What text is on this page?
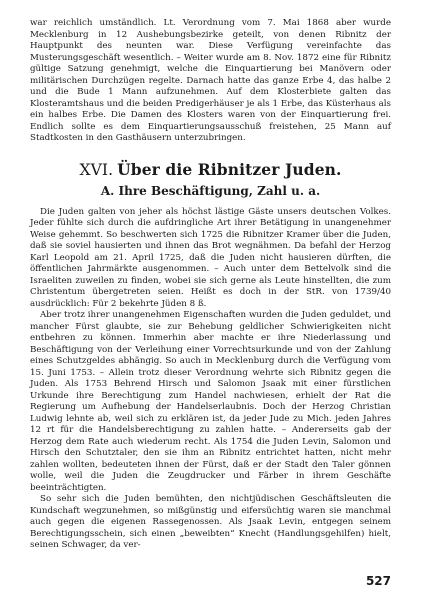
war reichlich umständlich. Lt. Verordnung vom 7. Mai 1868 aber wurde Mecklenburg in 12 Aushebungsbezirke geteilt, von denen Ribnitz der Hauptpunkt des neunten war. Diese Verfügung vereinfachte das Musterungsgeschäft wesentlich. – Weiter wurde am 8. Nov. 1872 eine für Ribnitz gültige Satzung genehmigt, welche die Einquartierung bei Manövern oder militärischen Durchzügen regelte. Darnach hatte das ganze Erbe 4, das halbe 2 und die Bude 1 Mann aufzunehmen. Auf dem Klosterbiete galten das Klosteramtshaus und die beiden Predigerhäuser je als 1 Erbe, das Küsterhaus als ein halbes Erbe. Die Damen des Klosters waren von der Einquartierung frei. Endlich sollte es dem Einquartierungsausschuß freistehen, 25 Mann auf Stadtkosten in den Gasthäusern unterzubringen.

XVI. Über die Ribnitzer Juden.
A. Ihre Beschäftigung, Zahl u. a.

Die Juden galten von jeher als höchst lästige Gäste unsers deutschen Volkes. Jeder fühlte sich durch die aufdringliche Art ihrer Betätigung in unangenehmer Weise gehemmt. So beschwerten sich 1725 die Ribnitzer Kramer über die Juden, daß sie soviel hausierten und ihnen das Brot wegnähmen. Da befahl der Herzog Karl Leopold am 21. April 1725, daß die Juden nicht hausieren dürften, die öffentlichen Jahrmärkte ausgenommen. – Auch unter dem Bettelvolk sind die Israeliten zuweilen zu finden, wobei sie sich gerne als Leute hinstellten, die zum Christentum übergetreten seien. Heißt es doch in der StR. von 1739/40 ausdrücklich: Für 2 bekehrte Jüden 8 ß.

Aber trotz ihrer unangenehmen Eigenschaften wurden die Juden geduldet, und mancher Fürst glaubte, sie zur Behebung geldlicher Schwierigkeiten nicht entbehren zu können. Immerhin aber machte er ihre Niederlassung und Beschäftigung von der Verleihung einer Vorrechtsurkunde und von der Zahlung eines Schutzgeldes abhängig. So auch in Mecklenburg durch die Verfügung vom 15. Juni 1753. – Allein trotz dieser Verordnung wehrte sich Ribnitz gegen die Juden. Als 1753 Behrend Hirsch und Salomon Jsaak mit einer fürstlichen Urkunde ihre Berechtigung zum Handel nachwiesen, erhielt der Rat die Regierung um Aufhebung der Handelserlaubnis. Doch der Herzog Christian Ludwig lehnte ab, weil sich zu erklären ist, da jeder Jude zu Mich. jeden Jahres 12 rt für die Handelsberechtigung zu zahlen hatte. – Andererseits gab der Herzog dem Rate auch wiederum recht. Als 1754 die Juden Levin, Salomon und Hirsch den Schutztaler, den sie ihm an Ribnitz entrichtet hatten, nicht mehr zahlen wollten, bedeuteten ihnen der Fürst, daß er der Stadt den Taler gönnen wolle, weil die Juden die Zeugdrucker und Färber in ihrem Geschäfte beeinträchtigten.

So sehr sich die Juden bemühten, den nichtjüdischen Geschäftsleuten die Kundschaft wegzunehmen, so mißgünstig und eifersüchtig waren sie manchmal auch gegen die eigenen Rassegenossen. Als Jsaak Levin, entgegen seinem Berechtigungsschein, sich einen „beweibten“ Knecht (Handlungsgehilfen) hielt, seinen Schwager, da ver-

527
